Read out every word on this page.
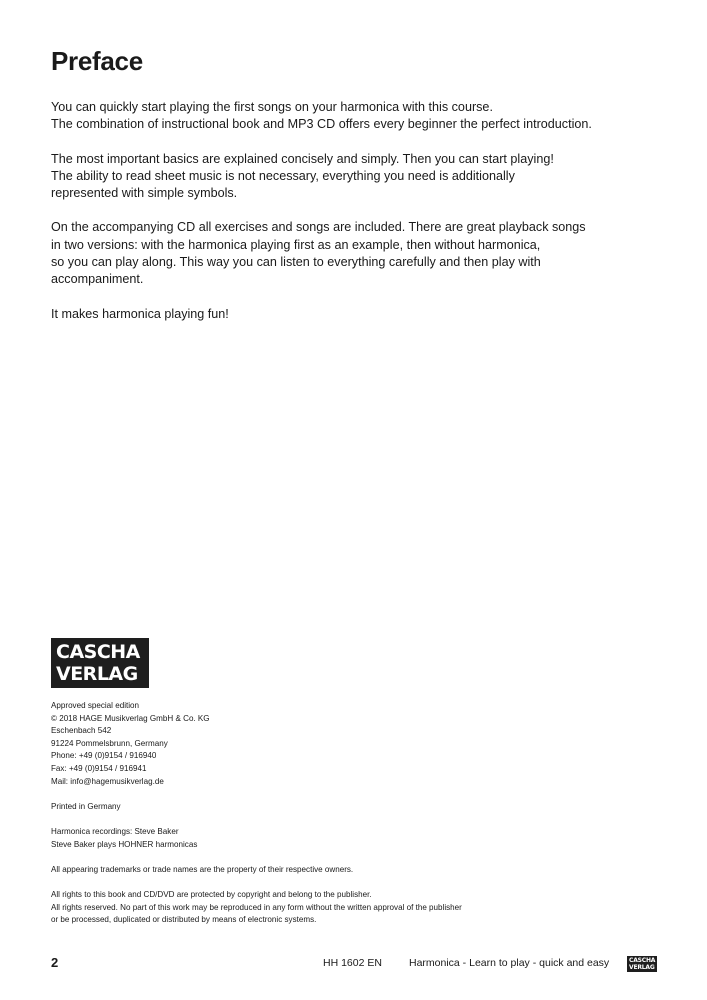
Preface

You can quickly start playing the first songs on your harmonica with this course.
The combination of instructional book and MP3 CD offers every beginner the perfect introduction.

The most important basics are explained concisely and simply. Then you can start playing!
The ability to read sheet music is not necessary, everything you need is additionally
represented with simple symbols.

On the accompanying CD all exercises and songs are included. There are great playback songs
in two versions: with the harmonica playing first as an example, then without harmonica,
so you can play along. This way you can listen to everything carefully and then play with
accompaniment.

It makes harmonica playing fun!

CASCHA
VERLAG
Approved special edition
© 2018 HAGE Musikverlag GmbH & Co. KG
Eschenbach 542
91224 Pommelsbrunn, Germany
Phone: +49 (0)9154 / 916940
Fax: +49 (0)9154 / 916941
Mail: info@hagemusikverlag.de
Printed in Germany
Harmonica recordings: Steve Baker
Steve Baker plays HOHNER harmonicas
All appearing trademarks or trade names are the property of their respective owners.
All rights to this book and CD/DVD are protected by copyright and belong to the publisher.
All rights reserved. No part of this work may be reproduced in any form without the written approval of the publisher
or be processed, duplicated or distributed by means of electronic systems.
2	HH 1602 EN	Harmonica - Learn to play - quick and easy	CASCHA
VERLAG
